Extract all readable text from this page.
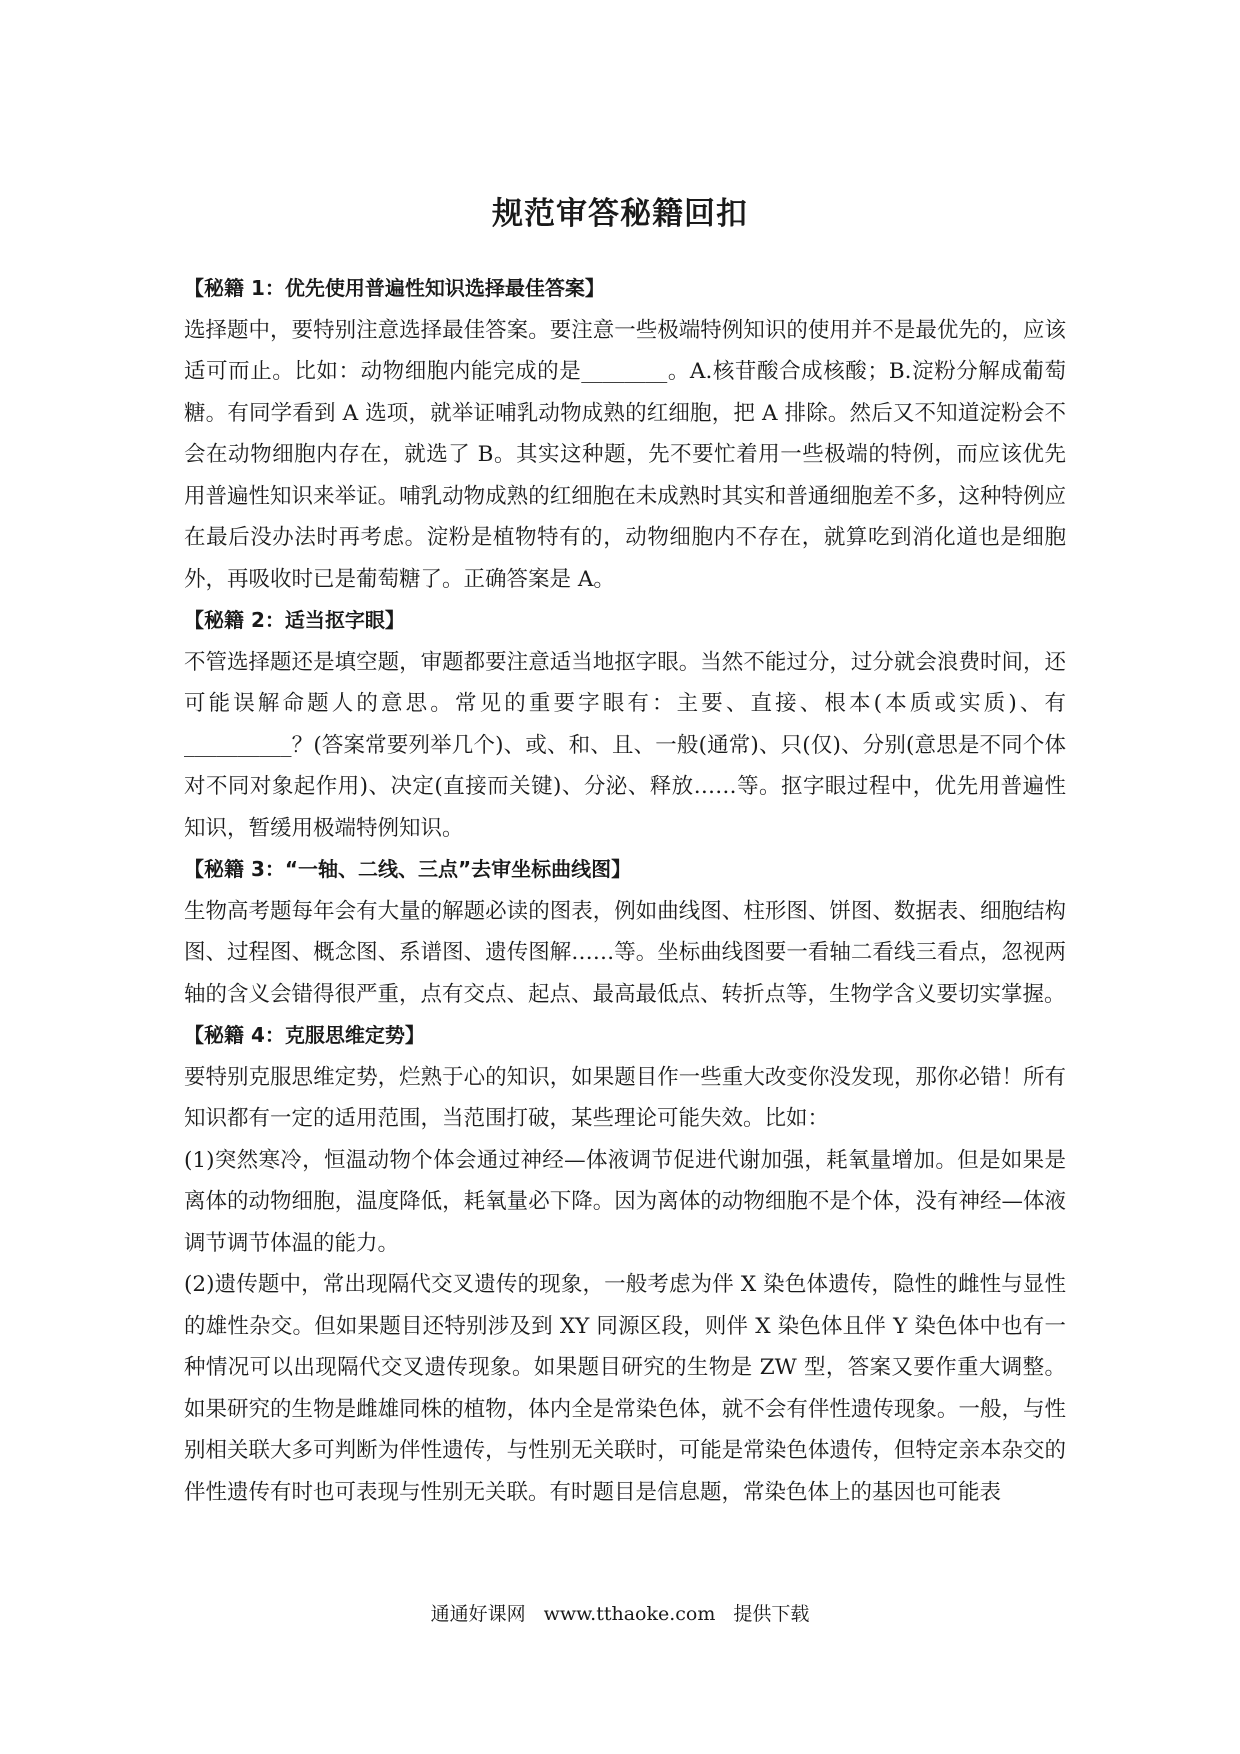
规范审答秘籍回扣

【秘籍 1：优先使用普遍性知识选择最佳答案】

选择题中，要特别注意选择最佳答案。要注意一些极端特例知识的使用并不是最优先的，应该适可而止。比如：动物细胞内能完成的是________。A.核苷酸合成核酸；B.淀粉分解成葡萄糖。有同学看到 A 选项，就举证哺乳动物成熟的红细胞，把 A 排除。然后又不知道淀粉会不会在动物细胞内存在，就选了 B。其实这种题，先不要忙着用一些极端的特例，而应该优先用普遍性知识来举证。哺乳动物成熟的红细胞在未成熟时其实和普通细胞差不多，这种特例应在最后没办法时再考虑。淀粉是植物特有的，动物细胞内不存在，就算吃到消化道也是细胞外，再吸收时已是葡萄糖了。正确答案是 A。

【秘籍 2：适当抠字眼】

不管选择题还是填空题，审题都要注意适当地抠字眼。当然不能过分，过分就会浪费时间，还可能误解命题人的意思。常见的重要字眼有：主要、直接、根本(本质或实质)、有__________？(答案常要列举几个)、或、和、且、一般(通常)、只(仅)、分别(意思是不同个体对不同对象起作用)、决定(直接而关键)、分泌、释放……等。抠字眼过程中，优先用普遍性知识，暂缓用极端特例知识。

【秘籍 3：“一轴、二线、三点”去审坐标曲线图】

生物高考题每年会有大量的解题必读的图表，例如曲线图、柱形图、饼图、数据表、细胞结构图、过程图、概念图、系谱图、遗传图解……等。坐标曲线图要一看轴二看线三看点，忽视两轴的含义会错得很严重，点有交点、起点、最高最低点、转折点等，生物学含义要切实掌握。

【秘籍 4：克服思维定势】

要特别克服思维定势，烂熟于心的知识，如果题目作一些重大改变你没发现，那你必错！所有知识都有一定的适用范围，当范围打破，某些理论可能失效。比如：

(1)突然寒冷，恒温动物个体会通过神经—体液调节促进代谢加强，耗氧量增加。但是如果是离体的动物细胞，温度降低，耗氧量必下降。因为离体的动物细胞不是个体，没有神经—体液调节调节体温的能力。

(2)遗传题中，常出现隔代交叉遗传的现象，一般考虑为伴 X 染色体遗传，隐性的雌性与显性的雄性杂交。但如果题目还特别涉及到 XY 同源区段，则伴 X 染色体且伴 Y 染色体中也有一种情况可以出现隔代交叉遗传现象。如果题目研究的生物是 ZW 型，答案又要作重大调整。如果研究的生物是雌雄同株的植物，体内全是常染色体，就不会有伴性遗传现象。一般，与性别相关联大多可判断为伴性遗传，与性别无关联时，可能是常染色体遗传，但特定亲本杂交的伴性遗传有时也可表现与性别无关联。有时题目是信息题，常染色体上的基因也可能表

通通好课网 www.tthaoke.com 提供下载
